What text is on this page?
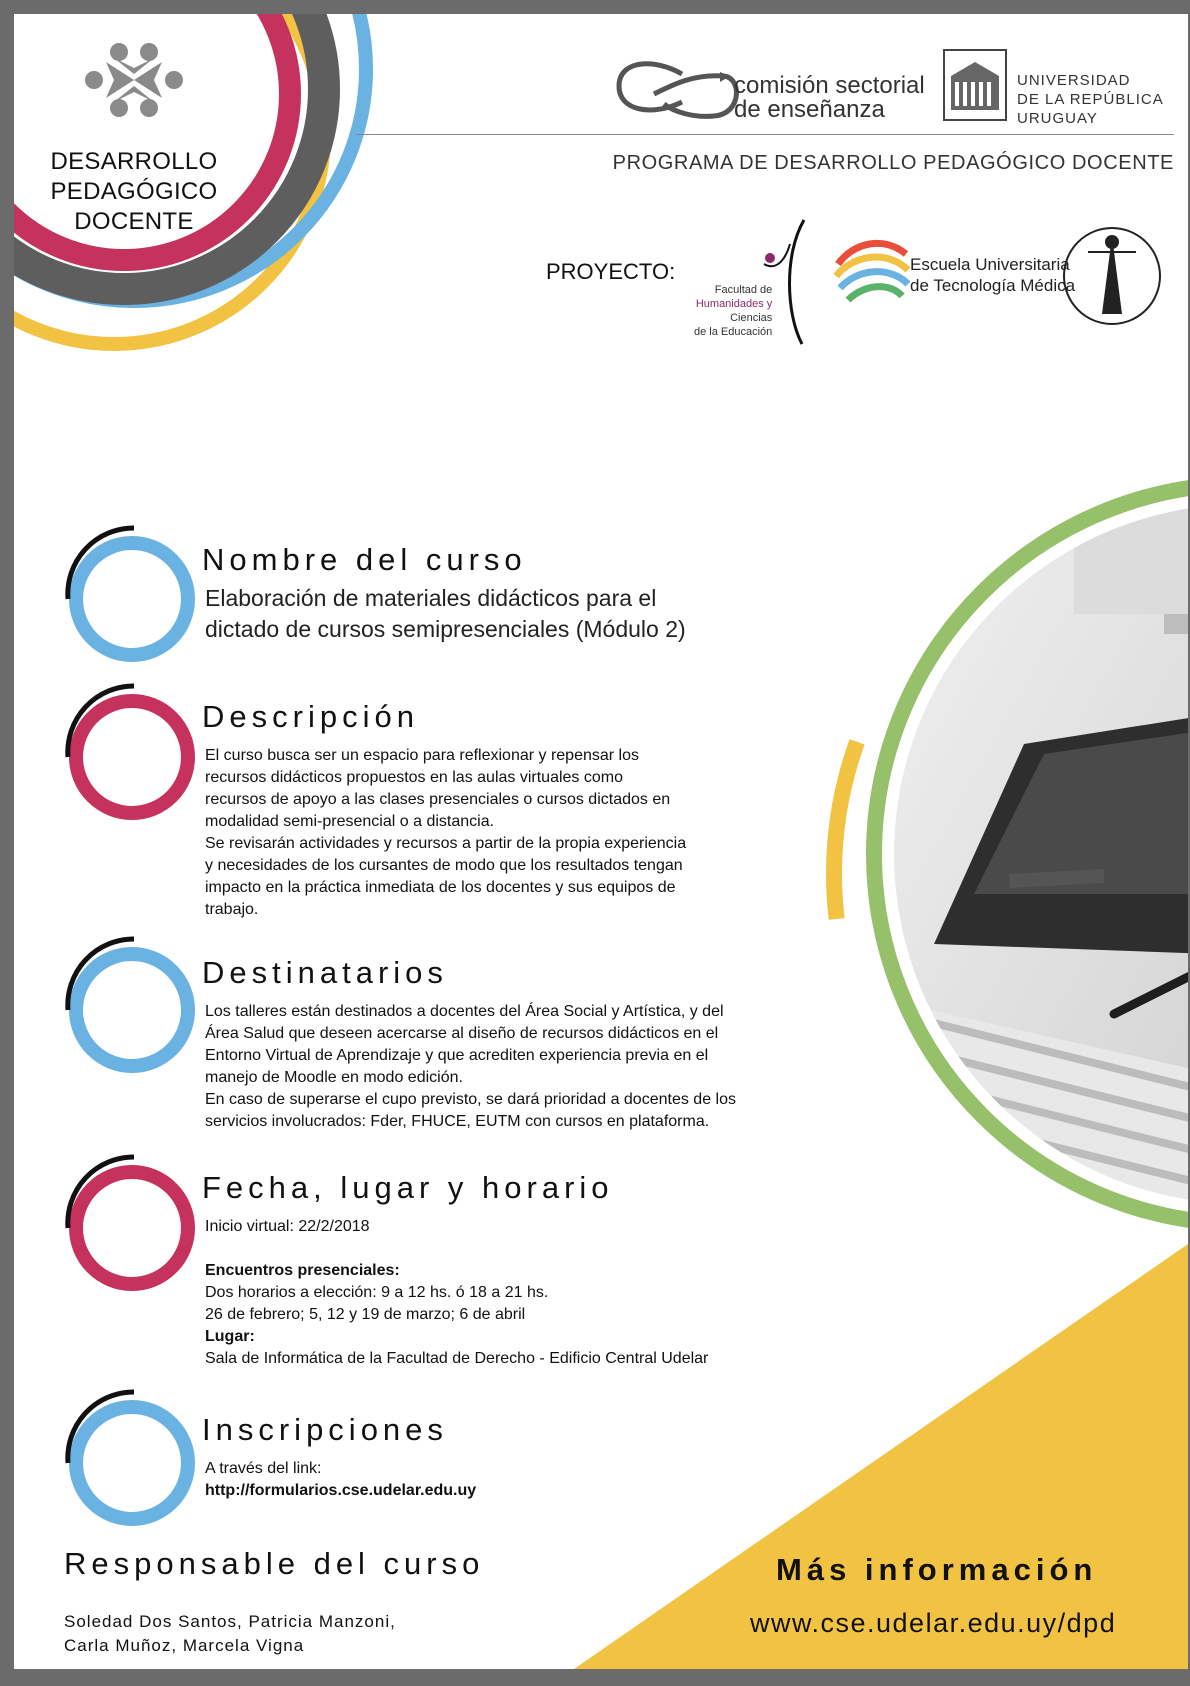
DESARROLLO
PEDAGÓGICO
DOCENTE
comisión sectorial
de enseñanza
UNIVERSIDAD
DE LA REPÚBLICA
URUGUAY
PROGRAMA DE DESARROLLO PEDAGÓGICO DOCENTE
PROYECTO:
Facultad de
Humanidades y
Ciencias
de la Educación
Escuela Universitaria
de Tecnología Médica
Nombre del curso
Elaboración de materiales didácticos para el
dictado de cursos semipresenciales (Módulo 2)
Descripción

El curso busca ser un espacio para reflexionar y repensar los

recursos didácticos propuestos en las aulas virtuales como

recursos de apoyo a las clases presenciales o cursos dictados en

modalidad semi-presencial o a distancia.

Se revisarán actividades y recursos a partir de la propia experiencia

y necesidades de los cursantes de modo que los resultados tengan

impacto en la práctica inmediata de los docentes y sus equipos de

trabajo.

Destinatarios

Los talleres están destinados a docentes del Área Social y Artística, y del

Área Salud que deseen acercarse al diseño de recursos didácticos en el

Entorno Virtual de Aprendizaje y que acrediten experiencia previa en el

manejo de Moodle en modo edición.

En caso de superarse el cupo previsto, se dará prioridad a docentes de los

servicios involucrados: Fder, FHUCE, EUTM con cursos en plataforma.

Fecha, lugar y horario

Inicio virtual: 22/2/2018

Encuentros presenciales:

Dos horarios a elección: 9 a 12 hs. ó 18 a 21 hs.

26 de febrero; 5, 12 y 19 de marzo; 6 de abril

Lugar:

Sala de Informática de la Facultad de Derecho - Edificio Central Udelar

Inscripciones

A través del link:

http://formularios.cse.udelar.edu.uy

Responsable del curso
Soledad Dos Santos, Patricia Manzoni,
Carla Muñoz, Marcela Vigna
Más información
www.cse.udelar.edu.uy/dpd
